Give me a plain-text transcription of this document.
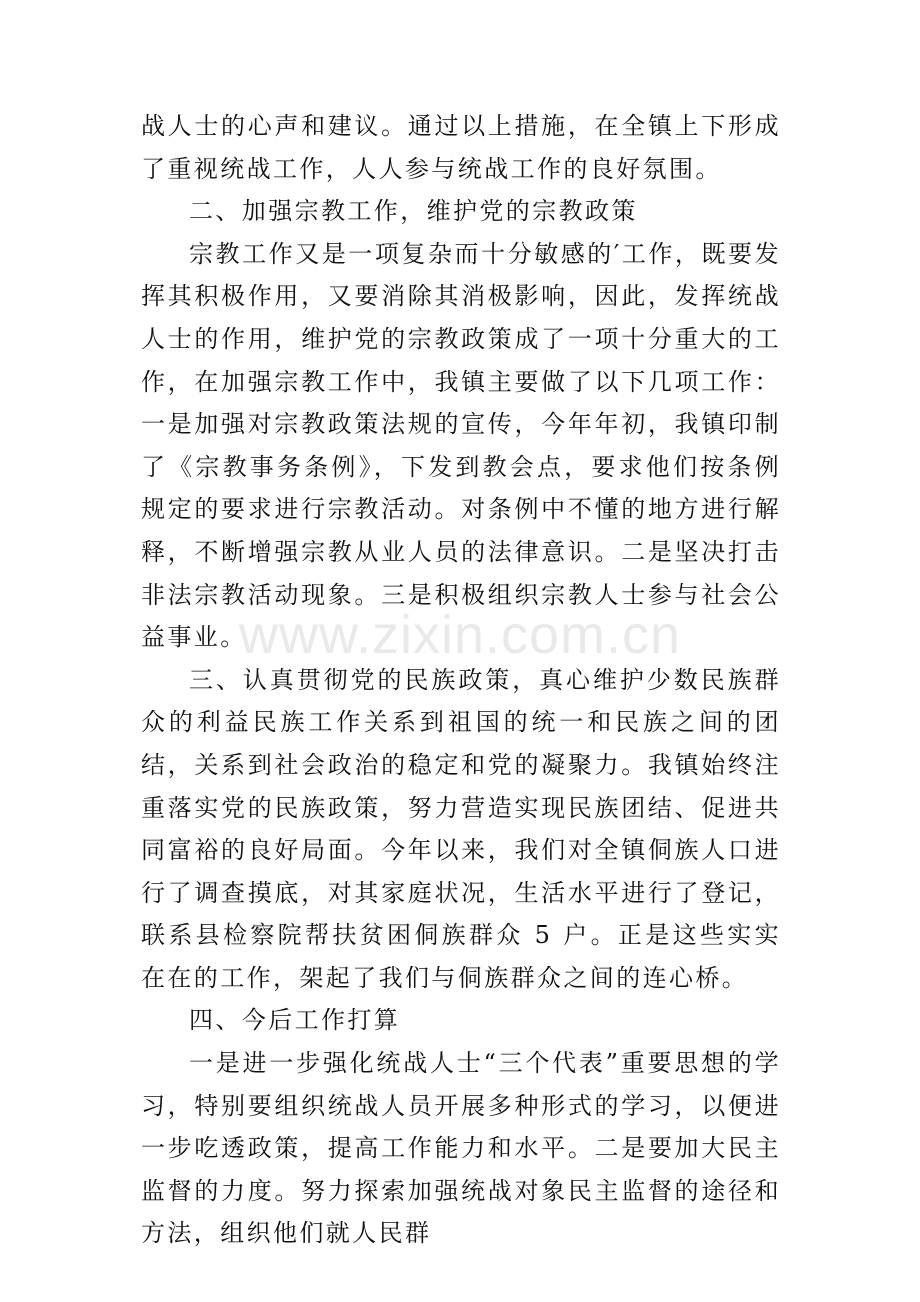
战人士的心声和建议。通过以上措施，在全镇上下形成了重视统战工作，人人参与统战工作的良好氛围。

二、加强宗教工作，维护党的宗教政策

宗教工作又是一项复杂而十分敏感的′工作，既要发挥其积极作用，又要消除其消极影响，因此，发挥统战人士的作用，维护党的宗教政策成了一项十分重大的工作，在加强宗教工作中，我镇主要做了以下几项工作：一是加强对宗教政策法规的宣传，今年年初，我镇印制了《宗教事务条例》，下发到教会点，要求他们按条例规定的要求进行宗教活动。对条例中不懂的地方进行解释，不断增强宗教从业人员的法律意识。二是坚决打击非法宗教活动现象。三是积极组织宗教人士参与社会公益事业。

三、认真贯彻党的民族政策，真心维护少数民族群众的利益民族工作关系到祖国的统一和民族之间的团结，关系到社会政治的稳定和党的凝聚力。我镇始终注重落实党的民族政策，努力营造实现民族团结、促进共同富裕的良好局面。今年以来，我们对全镇侗族人口进行了调查摸底，对其家庭状况，生活水平进行了登记，联系县检察院帮扶贫困侗族群众 5 户。正是这些实实在在的工作，架起了我们与侗族群众之间的连心桥。

四、今后工作打算

一是进一步强化统战人士“三个代表”重要思想的学习，特别要组织统战人员开展多种形式的学习，以便进一步吃透政策，提高工作能力和水平。二是要加大民主监督的力度。努力探索加强统战对象民主监督的途径和方法，组织他们就人民群

www.zixin.com.cn
